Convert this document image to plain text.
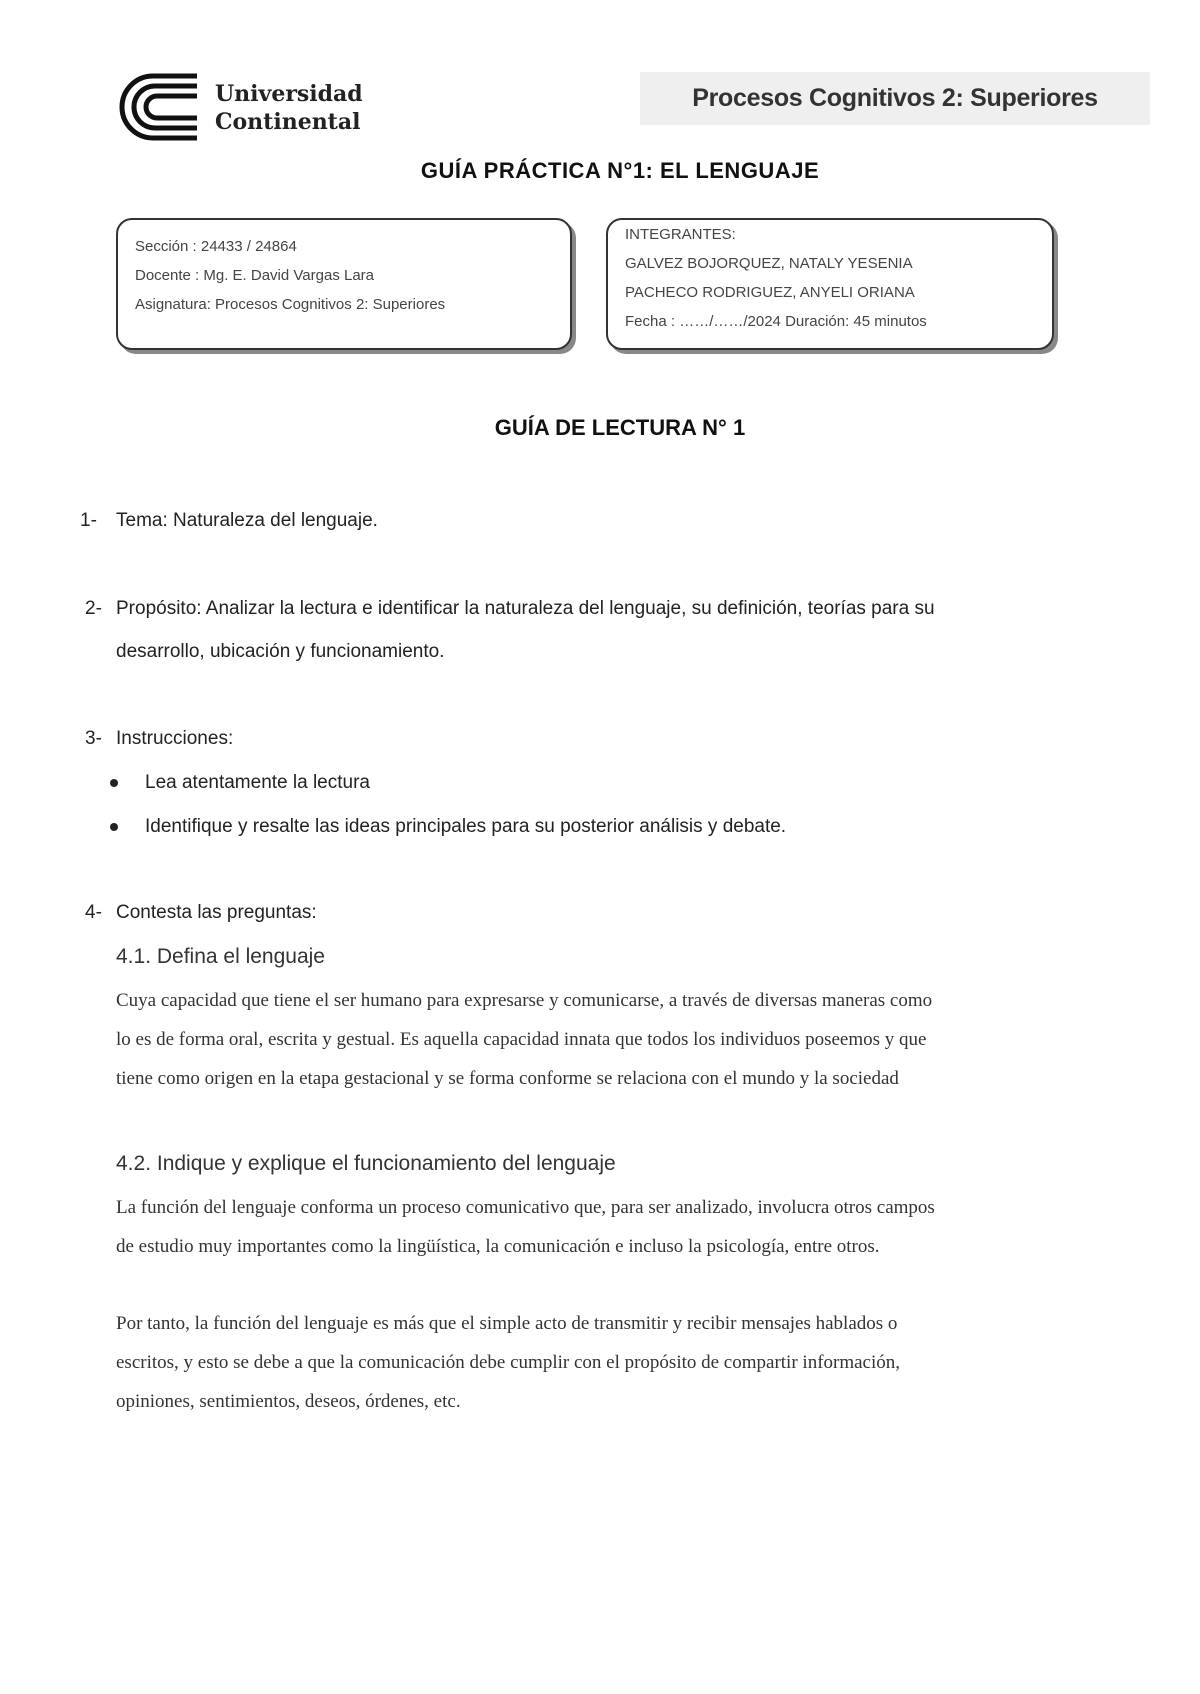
Universidad
Continental
Procesos Cognitivos 2: Superiores
GUÍA PRÁCTICA N°1: EL LENGUAJE
Sección : 24433 / 24864
Docente : Mg. E. David Vargas Lara
Asignatura: Procesos Cognitivos 2: Superiores
INTEGRANTES:
GALVEZ BOJORQUEZ, NATALY YESENIA
PACHECO RODRIGUEZ, ANYELI ORIANA
Fecha : ……/……/2024 Duración: 45 minutos
GUÍA DE LECTURA N° 1
1- Tema: Naturaleza del lenguaje.
2- Propósito: Analizar la lectura e identificar la naturaleza del lenguaje, su definición, teorías para su
desarrollo, ubicación y funcionamiento.
3- Instrucciones:
Lea atentamente la lectura
Identifique y resalte las ideas principales para su posterior análisis y debate.
4- Contesta las preguntas:
4.1. Defina el lenguaje
Cuya capacidad que tiene el ser humano para expresarse y comunicarse, a través de diversas maneras como
lo es de forma oral, escrita y gestual. Es aquella capacidad innata que todos los individuos poseemos y que
tiene como origen en la etapa gestacional y se forma conforme se relaciona con el mundo y la sociedad
4.2. Indique y explique el funcionamiento del lenguaje
La función del lenguaje conforma un proceso comunicativo que, para ser analizado, involucra otros campos
de estudio muy importantes como la lingüística, la comunicación e incluso la psicología, entre otros.
Por tanto, la función del lenguaje es más que el simple acto de transmitir y recibir mensajes hablados o
escritos, y esto se debe a que la comunicación debe cumplir con el propósito de compartir información,
opiniones, sentimientos, deseos, órdenes, etc.
